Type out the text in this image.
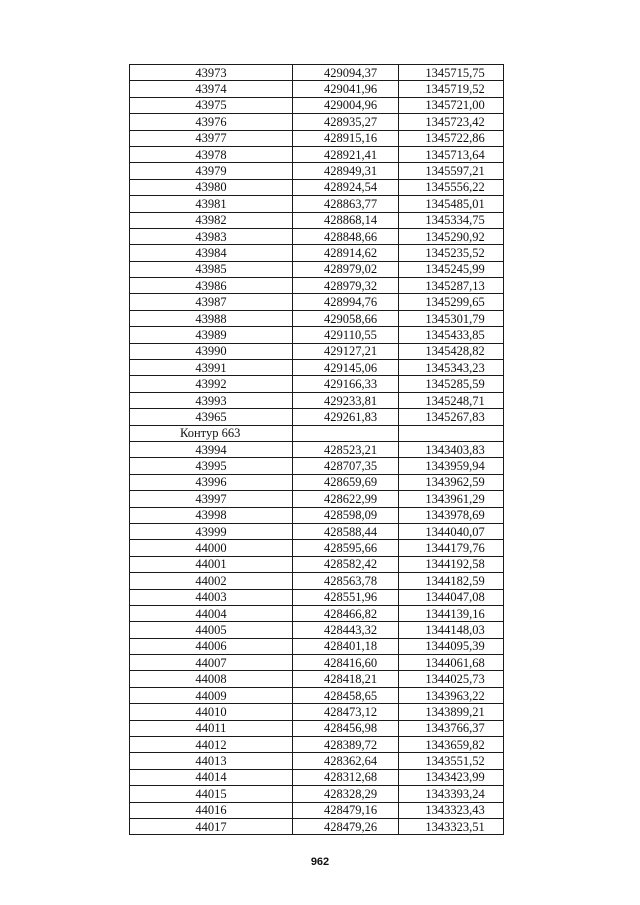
43973	429094,37	1345715,75
43974	429041,96	1345719,52
43975	429004,96	1345721,00
43976	428935,27	1345723,42
43977	428915,16	1345722,86
43978	428921,41	1345713,64
43979	428949,31	1345597,21
43980	428924,54	1345556,22
43981	428863,77	1345485,01
43982	428868,14	1345334,75
43983	428848,66	1345290,92
43984	428914,62	1345235,52
43985	428979,02	1345245,99
43986	428979,32	1345287,13
43987	428994,76	1345299,65
43988	429058,66	1345301,79
43989	429110,55	1345433,85
43990	429127,21	1345428,82
43991	429145,06	1345343,23
43992	429166,33	1345285,59
43993	429233,81	1345248,71
43965	429261,83	1345267,83
Контур 663		
43994	428523,21	1343403,83
43995	428707,35	1343959,94
43996	428659,69	1343962,59
43997	428622,99	1343961,29
43998	428598,09	1343978,69
43999	428588,44	1344040,07
44000	428595,66	1344179,76
44001	428582,42	1344192,58
44002	428563,78	1344182,59
44003	428551,96	1344047,08
44004	428466,82	1344139,16
44005	428443,32	1344148,03
44006	428401,18	1344095,39
44007	428416,60	1344061,68
44008	428418,21	1344025,73
44009	428458,65	1343963,22
44010	428473,12	1343899,21
44011	428456,98	1343766,37
44012	428389,72	1343659,82
44013	428362,64	1343551,52
44014	428312,68	1343423,99
44015	428328,29	1343393,24
44016	428479,16	1343323,43
44017	428479,26	1343323,51
962
